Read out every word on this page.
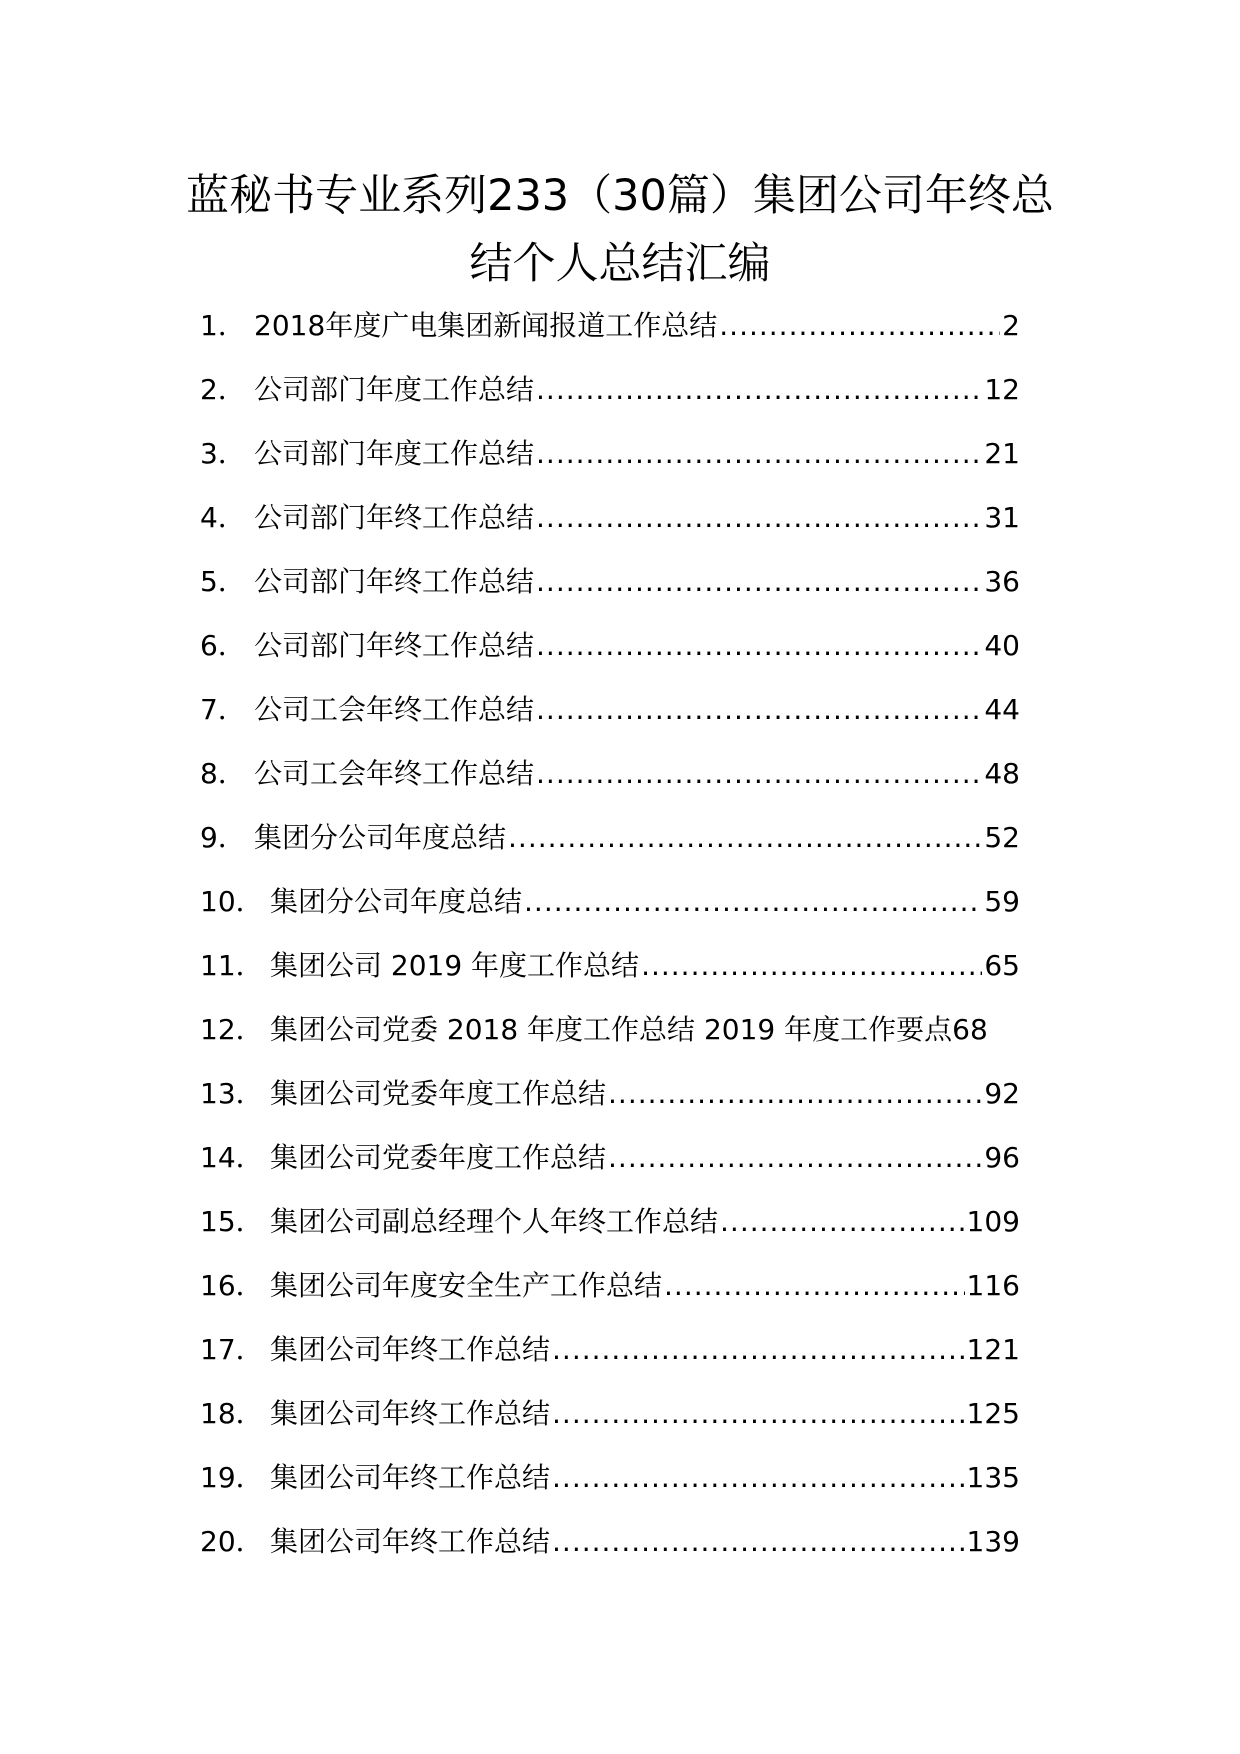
蓝秘书专业系列233（30篇）集团公司年终总
结个人总结汇编
1． 2018年度广电集团新闻报道工作总结 .....	2
2． 公司部门年度工作总结 .....	12
3． 公司部门年度工作总结 .....	21
4． 公司部门年终工作总结 .....	31
5． 公司部门年终工作总结 .....	36
6． 公司部门年终工作总结 .....	40
7． 公司工会年终工作总结 .....	44
8． 公司工会年终工作总结 .....	48
9． 集团分公司年度总结 .....	52
10． 集团分公司年度总结 .....	59
11． 集团公司 2019 年度工作总结 .....	65
12． 集团公司党委 2018 年度工作总结 2019 年度工作要点 68
13． 集团公司党委年度工作总结 .....	92
14． 集团公司党委年度工作总结 .....	96
15． 集团公司副总经理个人年终工作总结 .....	109
16． 集团公司年度安全生产工作总结 .....	116
17． 集团公司年终工作总结 .....	121
18． 集团公司年终工作总结 .....	125
19． 集团公司年终工作总结 .....	135
20． 集团公司年终工作总结 .....	139
